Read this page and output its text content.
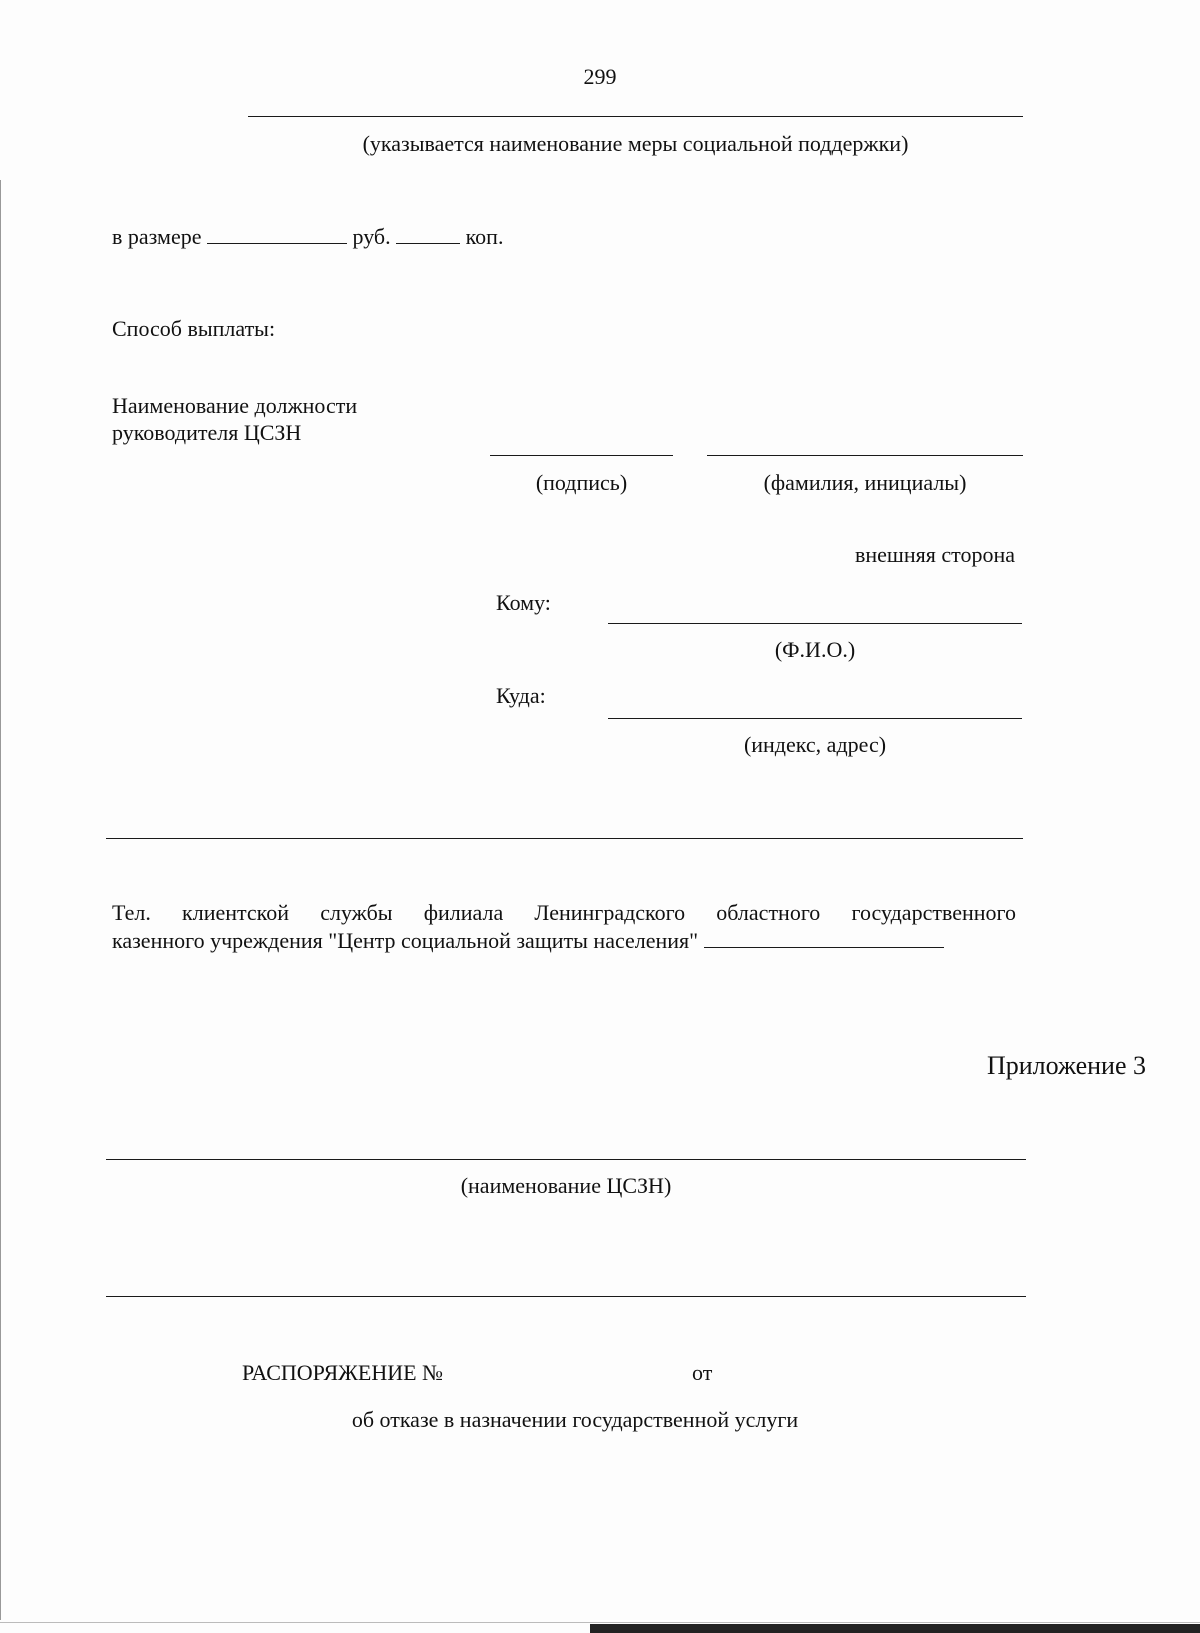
299
(указывается наименование меры социальной поддержки)
в размере	руб.	коп.
Способ выплаты:
Наименование должности
руководителя ЦСЗН
(подпись)	(фамилия, инициалы)
внешняя сторона
Кому:
(Ф.И.О.)
Куда:
(индекс, адрес)
Тел. клиентской службы филиала Ленинградского областного государственного
казенного учреждения "Центр социальной защиты населения"
Приложение 3
(наименование ЦСЗН)
РАСПОРЯЖЕНИЕ №	от
об отказе в назначении государственной услуги
